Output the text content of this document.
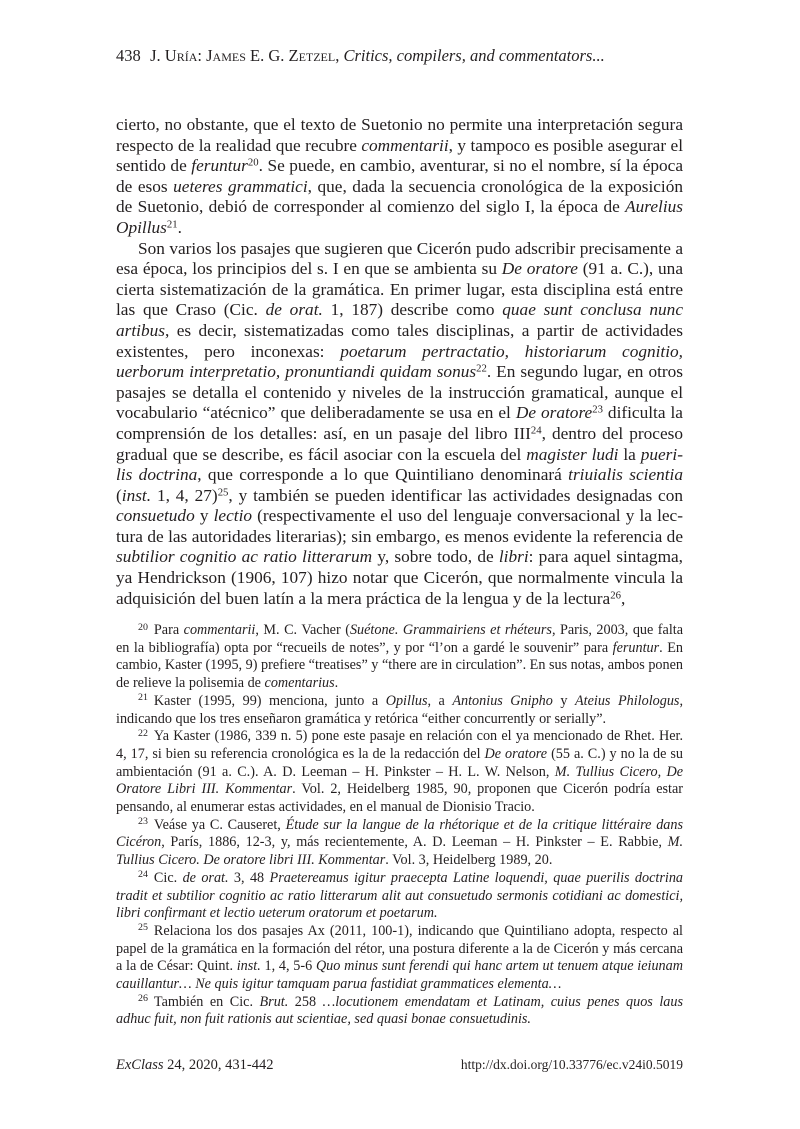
438 J. Uría: James E. G. Zetzel, Critics, compilers, and commentators...

cierto, no obstante, que el texto de Suetonio no permite una interpretación segura respecto de la realidad que recubre commentarii, y tampoco es posible asegurar el sentido de feruntur$^{20}$. Se puede, en cambio, aventurar, si no el nombre, sí la época de esos ueteres grammatici, que, dada la secuencia cronológica de la exposición de Suetonio, debió de corresponder al comienzo del siglo I, la época de Aurelius Opillus$^{21}$.

Son varios los pasajes que sugieren que Cicerón pudo adscribir precisamente a esa época, los principios del s. I en que se ambienta su De oratore (91 a. C.), una cierta sistematización de la gramática. En primer lugar, esta disciplina está entre las que Craso (Cic. de orat. 1, 187) describe como quae sunt conclusa nunc artibus, es decir, sistematizadas como tales disciplinas, a partir de actividades existentes, pero inconexas: poetarum pertractatio, historiarum cognitio, uerborum interpretatio, pronuntiandi quidam sonus$^{22}$. En segundo lugar, en otros pasajes se detalla el contenido y niveles de la instrucción gramatical, aunque el vocabulario “atécnico” que deliberadamente se usa en el De oratore$^{23}$ dificulta la comprensión de los detalles: así, en un pasaje del libro III$^{24}$, dentro del proceso gradual que se describe, es fácil asociar con la escuela del magister ludi la puerilis doctrina, que corresponde a lo que Quintiliano denominará triuialis scientia (inst. 1, 4, 27)$^{25}$, y también se pueden identificar las actividades designadas con consuetudo y lectio (respectivamente el uso del lenguaje conversacional y la lectura de las autoridades literarias); sin embargo, es menos evidente la referencia de subtilior cognitio ac ratio litterarum y, sobre todo, de libri: para aquel sintagma, ya Hendrickson (1906, 107) hizo notar que Cicerón, que normalmente vincula la adquisición del buen latín a la mera práctica de la lengua y de la lectura$^{26}$,

$^{20}$ Para commentarii, M. C. Vacher (Suétone. Grammairiens et rhéteurs, Paris, 2003, que falta en la bibliografía) opta por “recueils de notes”, y por “l’on a gardé le souvenir” para feruntur. En cambio, Kaster (1995, 9) prefiere “treatises” y “there are in circulation”. En sus notas, ambos ponen de relieve la polisemia de comentarius.

$^{21}$ Kaster (1995, 99) menciona, junto a Opillus, a Antonius Gnipho y Ateius Philologus, indicando que los tres enseñaron gramática y retórica “either concurrently or serially”.

$^{22}$ Ya Kaster (1986, 339 n. 5) pone este pasaje en relación con el ya mencionado de Rhet. Her. 4, 17, si bien su referencia cronológica es la de la redacción del De oratore (55 a. C.) y no la de su ambientación (91 a. C.). A. D. Leeman – H. Pinkster – H. L. W. Nelson, M. Tullius Cicero, De Oratore Libri III. Kommentar. Vol. 2, Heidelberg 1985, 90, proponen que Cicerón podría estar pensando, al enumerar estas actividades, en el manual de Dionisio Tracio.

$^{23}$ Veáse ya C. Causeret, Étude sur la langue de la rhétorique et de la critique littéraire dans Cicéron, París, 1886, 12-3, y, más recientemente, A. D. Leeman – H. Pinkster – E. Rabbie, M. Tullius Cicero. De oratore libri III. Kommentar. Vol. 3, Heidelberg 1989, 20.

$^{24}$ Cic. de orat. 3, 48 Praetereamus igitur praecepta Latine loquendi, quae puerilis doctrina tradit et subtilior cognitio ac ratio litterarum alit aut consuetudo sermonis cotidiani ac domestici, libri confirmant et lectio ueterum oratorum et poetarum.

$^{25}$ Relaciona los dos pasajes Ax (2011, 100-1), indicando que Quintiliano adopta, respecto al papel de la gramática en la formación del rétor, una postura diferente a la de Cicerón y más cercana a la de César: Quint. inst. 1, 4, 5-6 Quo minus sunt ferendi qui hanc artem ut tenuem atque ieiunam cauillantur… Ne quis igitur tamquam parua fastidiat grammatices elementa…

$^{26}$ También en Cic. Brut. 258 …locutionem emendatam et Latinam, cuius penes quos laus adhuc fuit, non fuit rationis aut scientiae, sed quasi bonae consuetudinis.

ExClass 24, 2020, 431-442	http://dx.doi.org/10.33776/ec.v24i0.5019
